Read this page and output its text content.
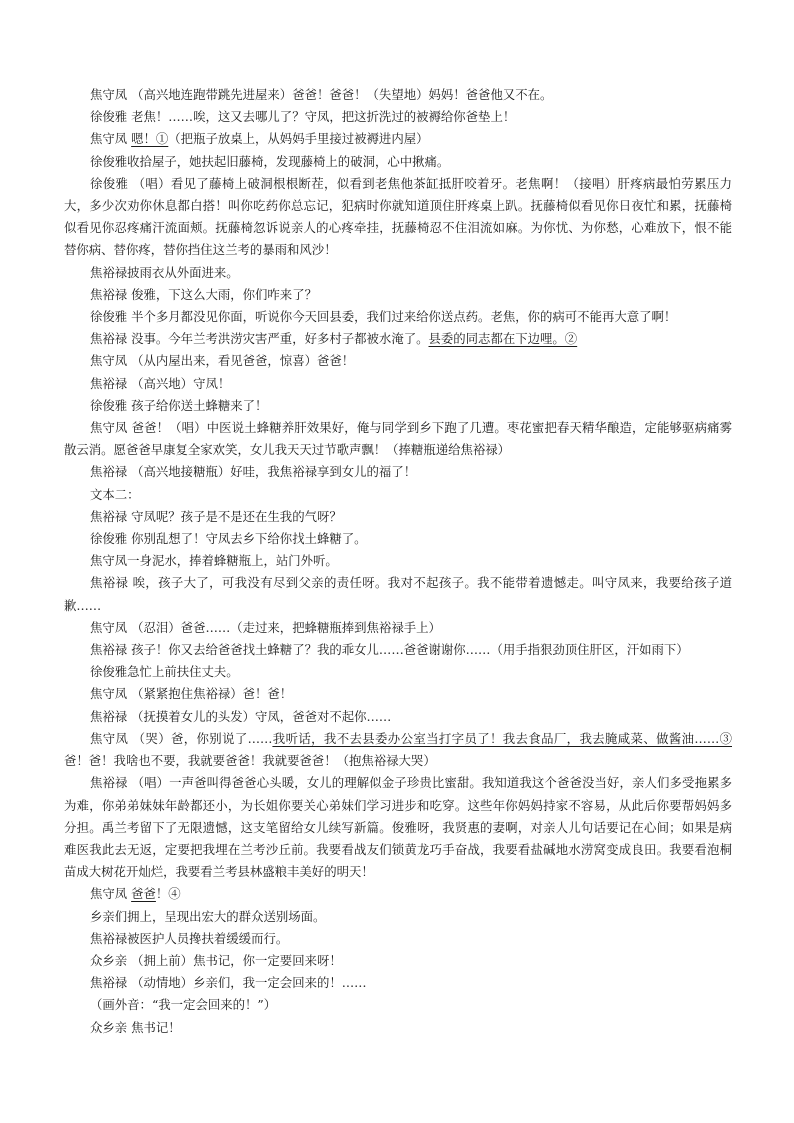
焦守凤 （高兴地连跑带跳先进屋来）爸爸！爸爸！（失望地）妈妈！爸爸他又不在。

徐俊雅 老焦！……唉，这又去哪儿了？守凤，把这折洗过的被褥给你爸垫上！

焦守凤 嗯！①（把瓶子放桌上，从妈妈手里接过被褥进内屋）

徐俊雅收拾屋子，她扶起旧藤椅，发现藤椅上的破洞，心中揪痛。

徐俊雅 （唱）看见了藤椅上破洞根根断茬，似看到老焦他茶缸抵肝咬着牙。老焦啊！（接唱）肝疼病最怕劳累压力大，多少次劝你休息都白搭！叫你吃药你总忘记，犯病时你就知道顶住肝疼桌上趴。抚藤椅似看见你日夜忙和累，抚藤椅似看见你忍疼痛汗流面颊。抚藤椅忽诉说亲人的心疼牵挂，抚藤椅忍不住泪流如麻。为你忧、为你愁，心难放下，恨不能替你病、替你疼，替你挡住这兰考的暴雨和风沙！

焦裕禄披雨衣从外面进来。

焦裕禄 俊雅，下这么大雨，你们咋来了？

徐俊雅 半个多月都没见你面，听说你今天回县委，我们过来给你送点药。老焦，你的病可不能再大意了啊！

焦裕禄 没事。今年兰考洪涝灾害严重，好多村子都被水淹了。县委的同志都在下边哩。②

焦守凤 （从内屋出来，看见爸爸，惊喜）爸爸！

焦裕禄 （高兴地）守凤！

徐俊雅 孩子给你送土蜂糖来了！

焦守凤 爸爸！（唱）中医说土蜂糖养肝效果好，俺与同学到乡下跑了几遭。枣花蜜把春天精华酿造，定能够驱病痛雾散云消。愿爸爸早康复全家欢笑，女儿我天天过节歌声飘！（捧糖瓶递给焦裕禄）

焦裕禄 （高兴地接糖瓶）好哇，我焦裕禄享到女儿的福了！

文本二：

焦裕禄 守凤呢？孩子是不是还在生我的气呀？

徐俊雅 你别乱想了！守凤去乡下给你找土蜂糖了。

焦守凤一身泥水，捧着蜂糖瓶上，站门外听。

焦裕禄 唉，孩子大了，可我没有尽到父亲的责任呀。我对不起孩子。我不能带着遗憾走。叫守凤来，我要给孩子道歉……

焦守凤 （忍泪）爸爸……（走过来，把蜂糖瓶捧到焦裕禄手上）

焦裕禄 孩子！你又去给爸爸找土蜂糖了？我的乖女儿……爸爸谢谢你……（用手指狠劲顶住肝区，汗如雨下）

徐俊雅急忙上前扶住丈夫。

焦守凤 （紧紧抱住焦裕禄）爸！爸！

焦裕禄 （抚摸着女儿的头发）守凤，爸爸对不起你……

焦守凤 （哭）爸，你别说了……我听话，我不去县委办公室当打字员了！我去食品厂，我去腌咸菜、做酱油……③爸！爸！我啥也不要，我就要爸爸！我就要爸爸！（抱焦裕禄大哭）

焦裕禄 （唱）一声爸叫得爸爸心头暖，女儿的理解似金子珍贵比蜜甜。我知道我这个爸爸没当好，亲人们多受拖累多为难，你弟弟妹妹年龄都还小，为长姐你要关心弟妹们学习进步和吃穿。这些年你妈妈持家不容易，从此后你要帮妈妈多分担。禹兰考留下了无限遗憾，这支笔留给女儿续写新篇。俊雅呀，我贤惠的妻啊，对亲人儿句话要记在心间；如果是病难医我此去无返，定要把我埋在兰考沙丘前。我要看战友们锁黄龙巧手奋战，我要看盐碱地水涝窝变成良田。我要看泡桐苗成大树花开灿烂，我要看兰考县林盛粮丰美好的明天！

焦守凤 爸爸！④

乡亲们拥上，呈现出宏大的群众送别场面。

焦裕禄被医护人员搀扶着缓缓而行。

众乡亲 （拥上前）焦书记，你一定要回来呀！

焦裕禄 （动情地）乡亲们，我一定会回来的！……

（画外音：“我一定会回来的！”）

众乡亲 焦书记！
